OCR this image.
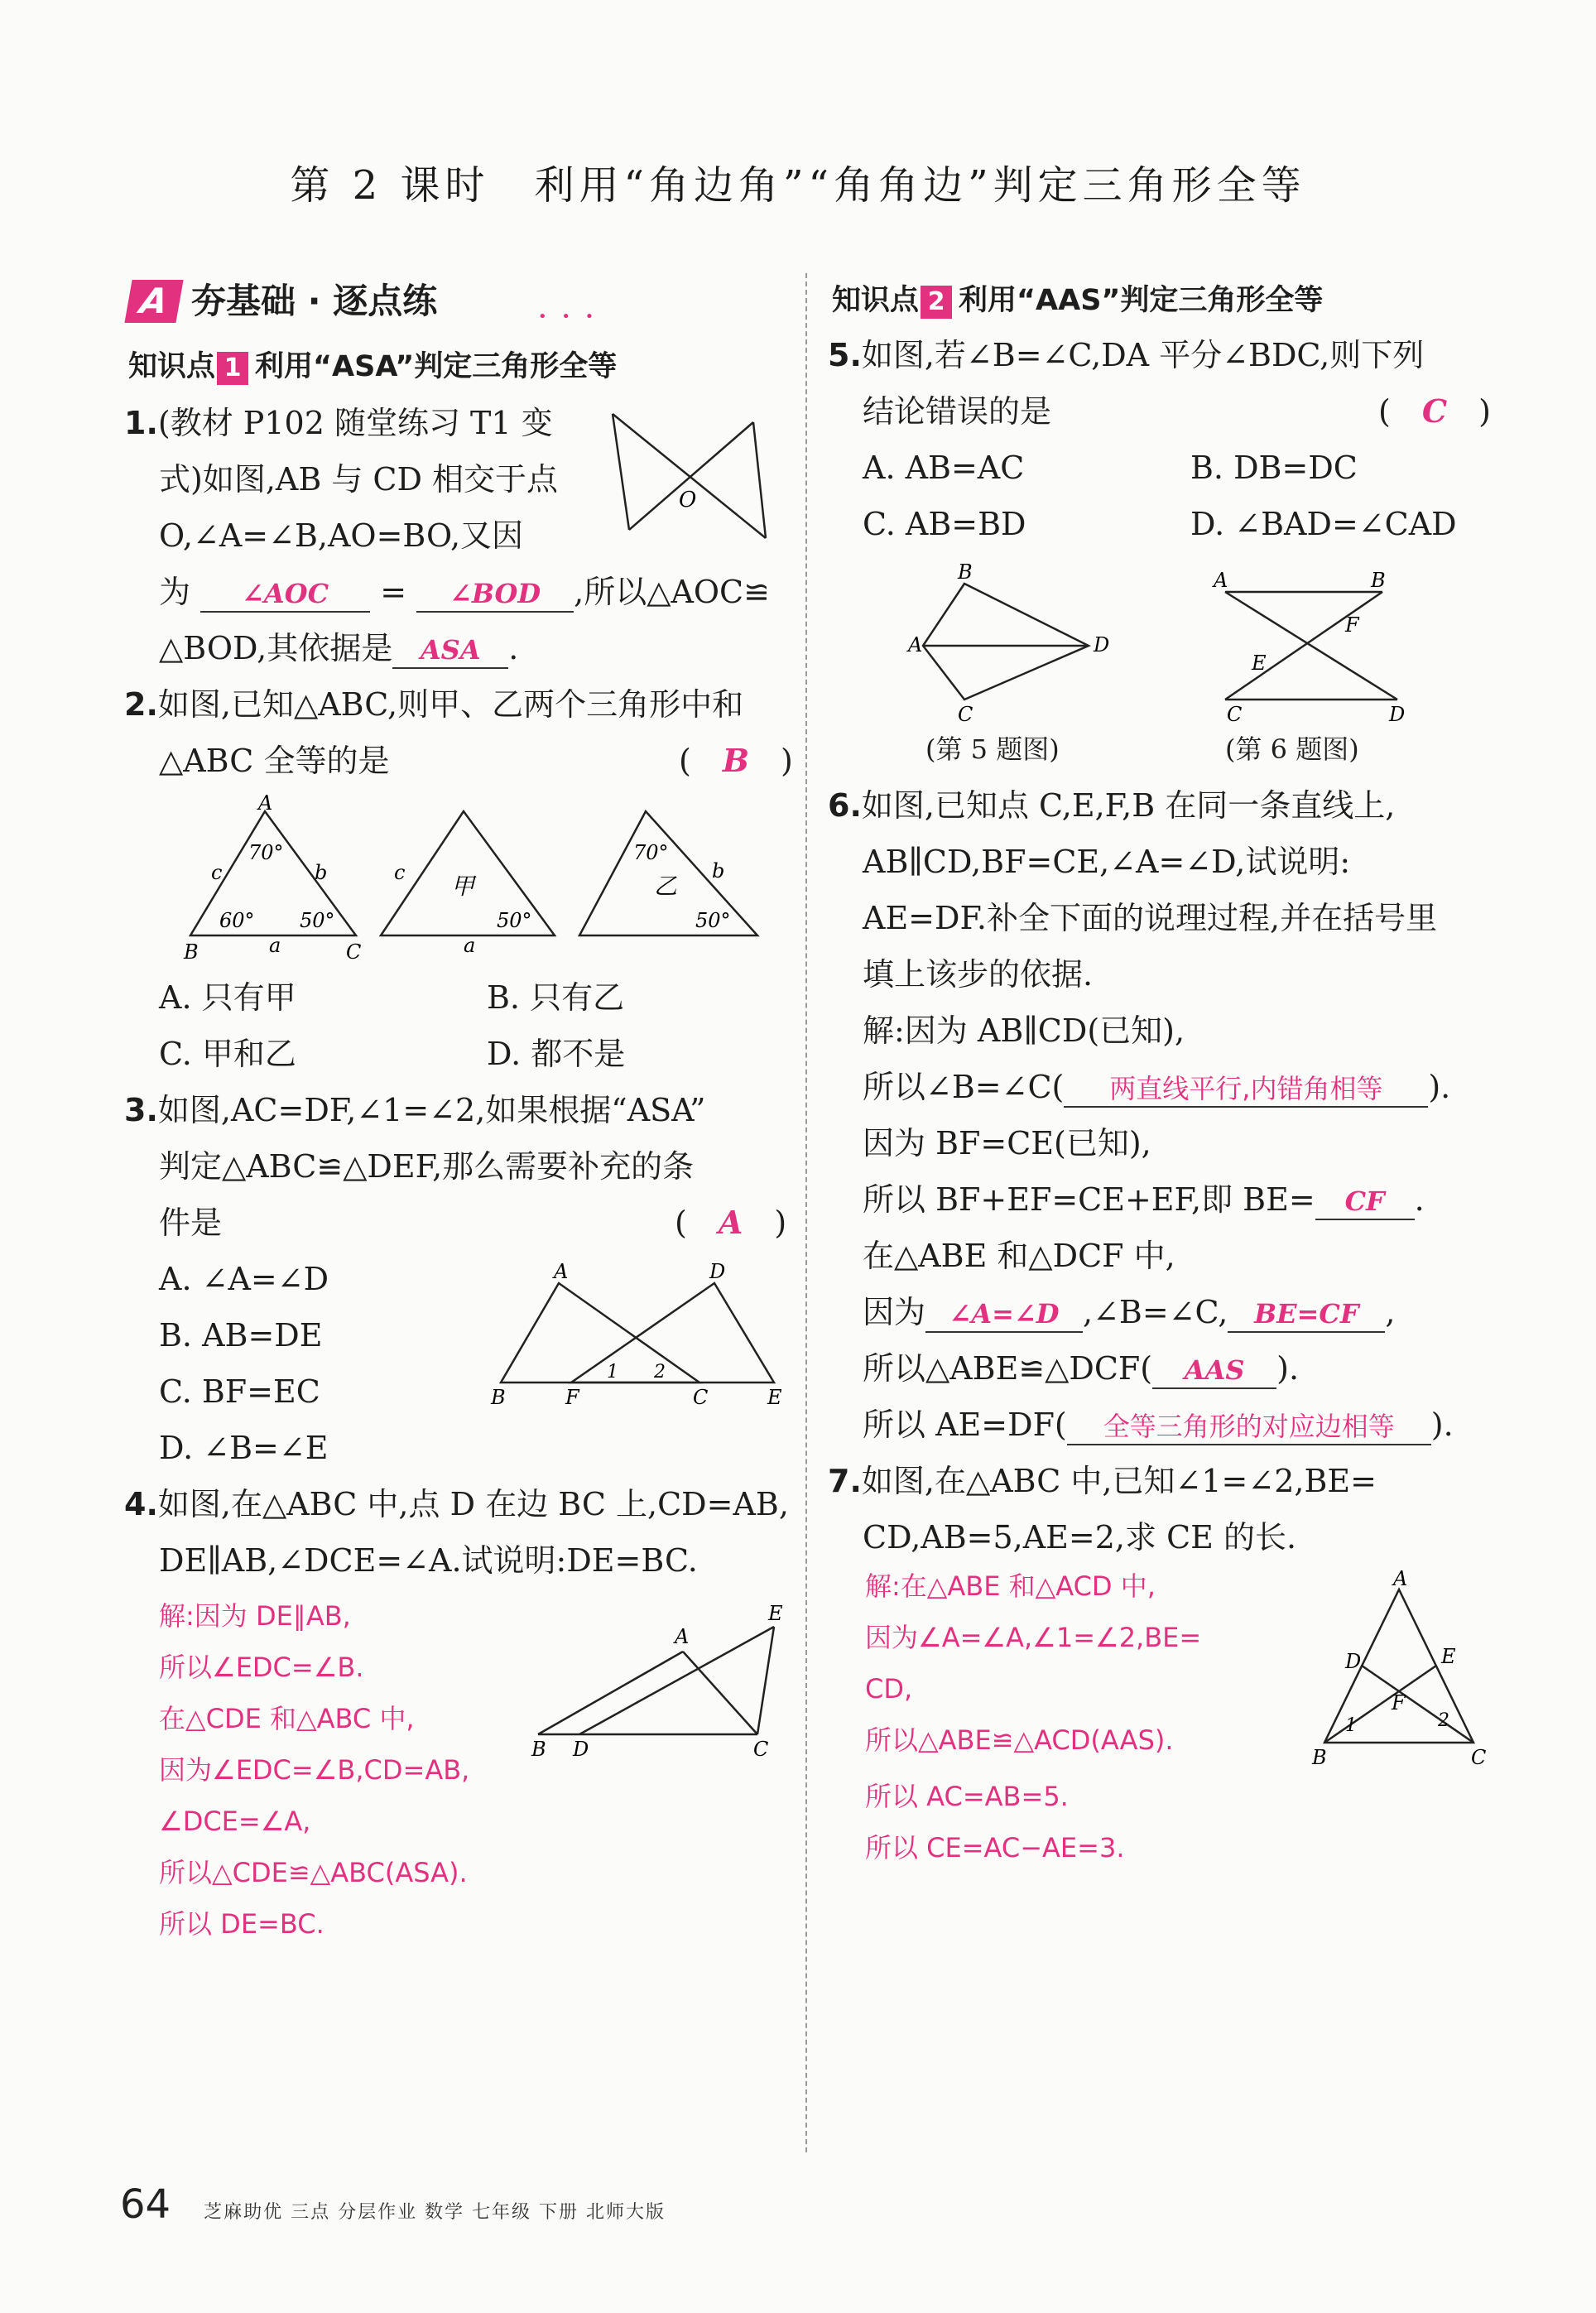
第 2 课时　利用“角边角”“角角边”判定三角形全等
A 夯基础 · 逐点练	• • •
知识点 1 利用“ASA”判定三角形全等
1.(教材 P102 随堂练习 T1 变
式)如图,AB 与 CD 相交于点
O,∠A=∠B,AO=BO,又因
为 ∠AOC = ∠BOD ,所以△AOC≌
△BOD,其依据是 ASA .
O
2.如图,已知△ABC,则甲、乙两个三角形中和
△ABC 全等的是	(　B　)
A
B	C
c	b
a
70°
60° 50°
c 甲
a
50°
70°
乙
b
50°
A. 只有甲	B. 只有乙
C. 甲和乙	D. 都不是
3.如图,AC=DF,∠1=∠2,如果根据“ASA”
判定△ABC≌△DEF,那么需要补充的条
件是	(　A　)
A. ∠A=∠D
B. AB=DE
C. BF=EC
D. ∠B=∠E
A	D
B	F	C	E
1 2
4.如图,在△ABC 中,点 D 在边 BC 上,CD=AB,
DE∥AB,∠DCE=∠A.试说明:DE=BC.
解:因为 DE∥AB,
所以∠EDC=∠B.
在△CDE 和△ABC 中,
因为∠EDC=∠B,CD=AB,
∠DCE=∠A,
所以△CDE≌△ABC(ASA).
所以 DE=BC.
A
E
B D	C
知识点 2 利用“AAS”判定三角形全等
5.如图,若∠B=∠C,DA 平分∠BDC,则下列
结论错误的是	(　C　)
A. AB=AC	B. DB=DC
C. AB=BD	D. ∠BAD=∠CAD
B
A	D
C
(第 5 题图)
A	B
F
E
C	D
(第 6 题图)
6.如图,已知点 C,E,F,B 在同一条直线上,
AB∥CD,BF=CE,∠A=∠D,试说明:
AE=DF.补全下面的说理过程,并在括号里
填上该步的依据.
解:因为 AB∥CD(已知),
所以∠B=∠C( 两直线平行,内错角相等 ).
因为 BF=CE(已知),
所以 BF+EF=CE+EF,即 BE= CF .
在△ABE 和△DCF 中,
因为 ∠A=∠D ,∠B=∠C, BE=CF ,
所以△ABE≌△DCF( AAS ).
所以 AE=DF( 全等三角形的对应边相等 ).
7.如图,在△ABC 中,已知∠1=∠2,BE=
CD,AB=5,AE=2,求 CE 的长.
解:在△ABE 和△ACD 中,
因为∠A=∠A,∠1=∠2,BE=
CD,
所以△ABE≌△ACD(AAS).
所以 AC=AB=5.
所以 CE=AC−AE=3.
A
D	E
F
1	2
B	C
64 芝麻助优 三点 分层作业 数学 七年级 下册 北师大版
